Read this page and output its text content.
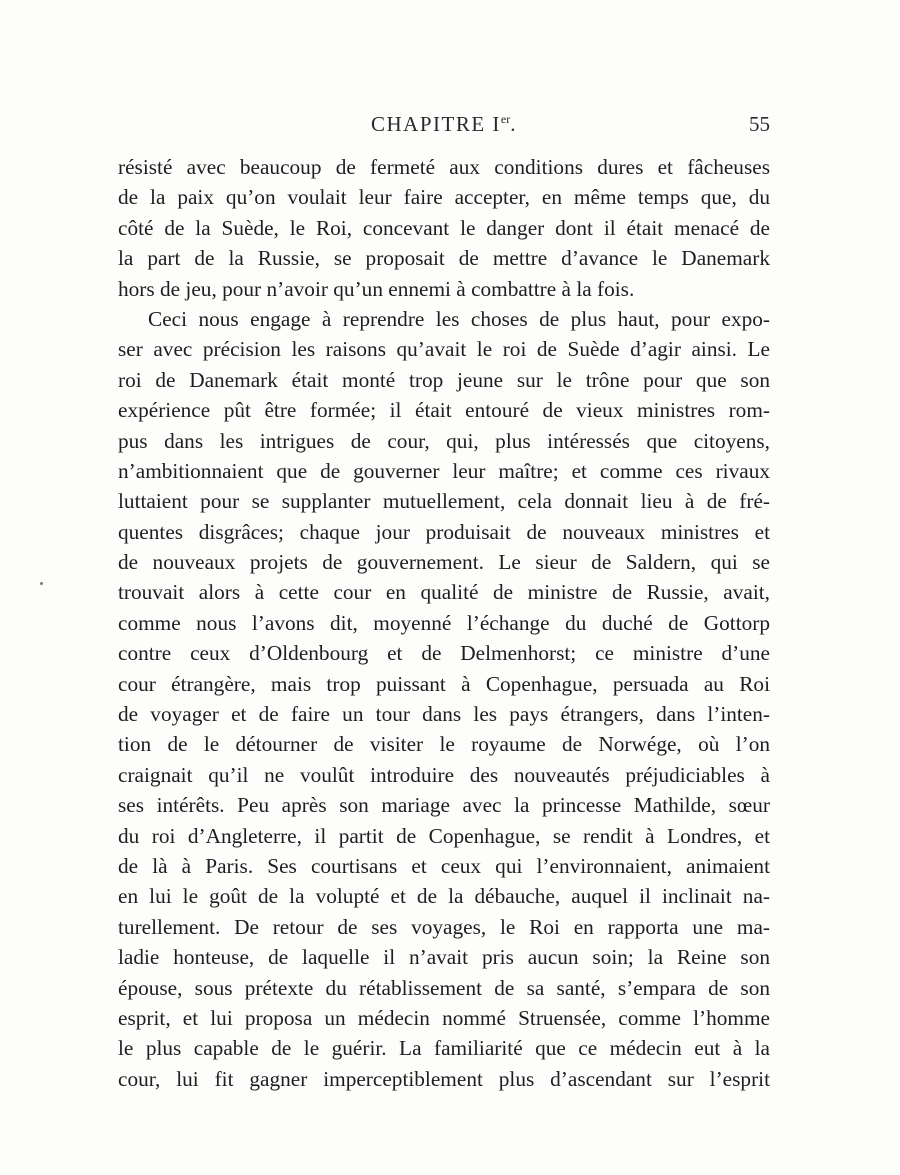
CHAPITRE Ier.	55
résisté avec beaucoup de fermeté aux conditions dures et fâcheuses
de la paix qu’on voulait leur faire accepter, en même temps que, du
côté de la Suède, le Roi, concevant le danger dont il était menacé de
la part de la Russie, se proposait de mettre d’avance le Danemark
hors de jeu, pour n’avoir qu’un ennemi à combattre à la fois.
Ceci nous engage à reprendre les choses de plus haut, pour expo-
ser avec précision les raisons qu’avait le roi de Suède d’agir ainsi. Le
roi de Danemark était monté trop jeune sur le trône pour que son
expérience pût être formée; il était entouré de vieux ministres rom-
pus dans les intrigues de cour, qui, plus intéressés que citoyens,
n’ambitionnaient que de gouverner leur maître; et comme ces rivaux
luttaient pour se supplanter mutuellement, cela donnait lieu à de fré-
quentes disgrâces; chaque jour produisait de nouveaux ministres et
de nouveaux projets de gouvernement. Le sieur de Saldern, qui se
trouvait alors à cette cour en qualité de ministre de Russie, avait,
comme nous l’avons dit, moyenné l’échange du duché de Gottorp
contre ceux d’Oldenbourg et de Delmenhorst; ce ministre d’une
cour étrangère, mais trop puissant à Copenhague, persuada au Roi
de voyager et de faire un tour dans les pays étrangers, dans l’inten-
tion de le détourner de visiter le royaume de Norwége, où l’on
craignait qu’il ne voulût introduire des nouveautés préjudiciables à
ses intérêts. Peu après son mariage avec la princesse Mathilde, sœur
du roi d’Angleterre, il partit de Copenhague, se rendit à Londres, et
de là à Paris. Ses courtisans et ceux qui l’environnaient, animaient
en lui le goût de la volupté et de la débauche, auquel il inclinait na-
turellement. De retour de ses voyages, le Roi en rapporta une ma-
ladie honteuse, de laquelle il n’avait pris aucun soin; la Reine son
épouse, sous prétexte du rétablissement de sa santé, s’empara de son
esprit, et lui proposa un médecin nommé Struensée, comme l’homme
le plus capable de le guérir. La familiarité que ce médecin eut à la
cour, lui fit gagner imperceptiblement plus d’ascendant sur l’esprit
